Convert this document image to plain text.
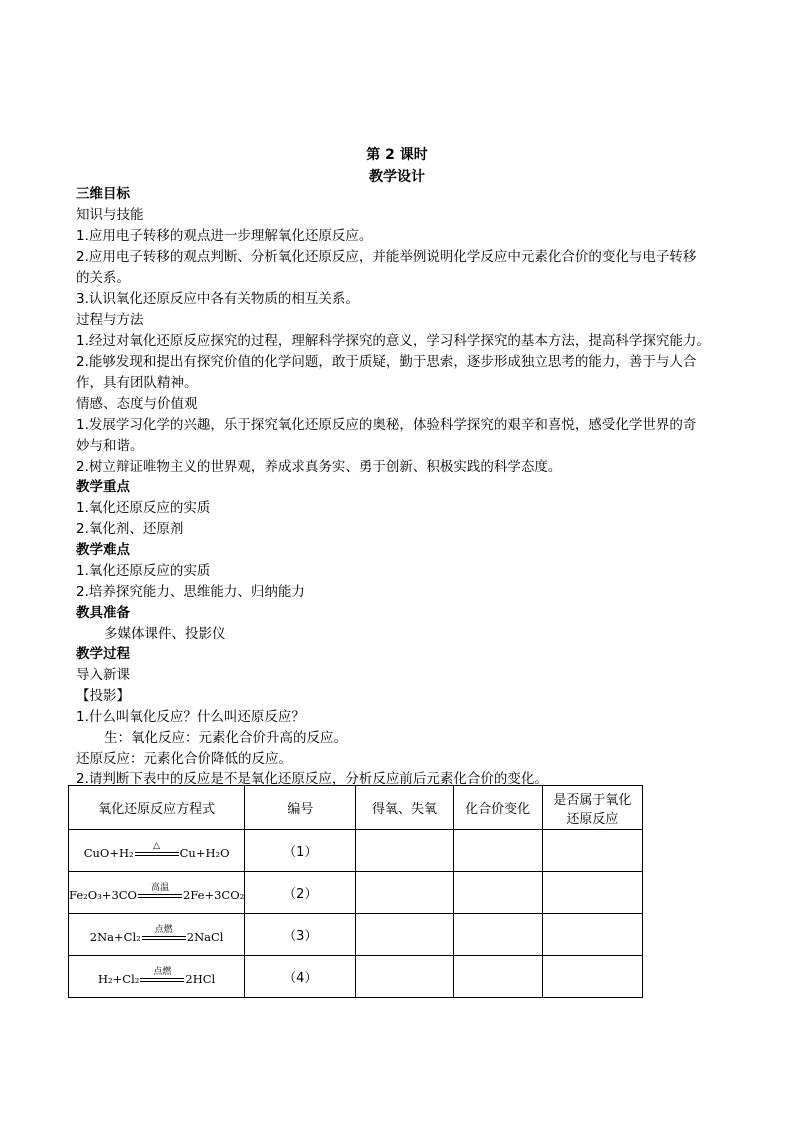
第 2 课时
教学设计
三维目标
知识与技能
1.应用电子转移的观点进一步理解氧化还原反应。
2.应用电子转移的观点判断、分析氧化还原反应，并能举例说明化学反应中元素化合价的变化与电子转移
的关系。
3.认识氧化还原反应中各有关物质的相互关系。
过程与方法
1.经过对氧化还原反应探究的过程，理解科学探究的意义，学习科学探究的基本方法，提高科学探究能力。
2.能够发现和提出有探究价值的化学问题，敢于质疑，勤于思索，逐步形成独立思考的能力，善于与人合
作，具有团队精神。
情感、态度与价值观
1.发展学习化学的兴趣，乐于探究氧化还原反应的奥秘，体验科学探究的艰辛和喜悦，感受化学世界的奇
妙与和谐。
2.树立辩证唯物主义的世界观，养成求真务实、勇于创新、积极实践的科学态度。
教学重点
1.氧化还原反应的实质
2.氧化剂、还原剂
教学难点
1.氧化还原反应的实质
2.培养探究能力、思维能力、归纳能力
教具准备
多媒体课件、投影仪
教学过程
导入新课
【投影】
1.什么叫氧化反应？什么叫还原反应？
生：氧化反应：元素化合价升高的反应。
还原反应：元素化合价降低的反应。
2.请判断下表中的反应是不是氧化还原反应，分析反应前后元素化合价的变化。
氧化还原反应方程式	编号	得氧、失氧	化合价变化	是否属于氧化还原反应

CuO+H₂ △ Cu+H₂O	（1）			

Fe₂O₃+3CO 高温 2Fe+3CO₂	（2）			

2Na+Cl₂ 点燃 2NaCl	（3）			

H₂+Cl₂ 点燃 2HCl	（4）			
